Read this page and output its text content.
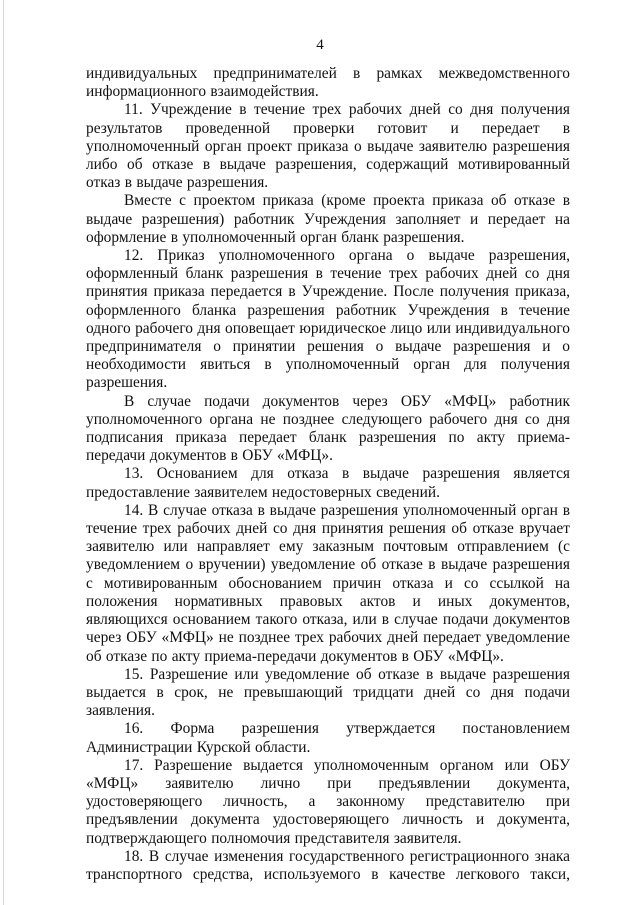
4

индивидуальных предпринимателей в рамках межведомственного информационного взаимодействия.

11. Учреждение в течение трех рабочих дней со дня получения результатов проведенной проверки готовит и передает в уполномоченный орган проект приказа о выдаче заявителю разрешения либо об отказе в выдаче разрешения, содержащий мотивированный отказ в выдаче разрешения.

Вместе с проектом приказа (кроме проекта приказа об отказе в выдаче разрешения) работник Учреждения заполняет и передает на оформление в уполномоченный орган бланк разрешения.

12. Приказ уполномоченного органа о выдаче разрешения, оформленный бланк разрешения в течение трех рабочих дней со дня принятия приказа передается в Учреждение. После получения приказа, оформленного бланка разрешения работник Учреждения в течение одного рабочего дня оповещает юридическое лицо или индивидуального предпринимателя о принятии решения о выдаче разрешения и о необходимости явиться в уполномоченный орган для получения разрешения.

В случае подачи документов через ОБУ «МФЦ» работник уполномоченного органа не позднее следующего рабочего дня со дня подписания приказа передает бланк разрешения по акту приема-передачи документов в ОБУ «МФЦ».

13. Основанием для отказа в выдаче разрешения является предоставление заявителем недостоверных сведений.

14. В случае отказа в выдаче разрешения уполномоченный орган в течение трех рабочих дней со дня принятия решения об отказе вручает заявителю или направляет ему заказным почтовым отправлением (с уведомлением о вручении) уведомление об отказе в выдаче разрешения с мотивированным обоснованием причин отказа и со ссылкой на положения нормативных правовых актов и иных документов, являющихся основанием такого отказа, или в случае подачи документов через ОБУ «МФЦ» не позднее трех рабочих дней передает уведомление об отказе по акту приема-передачи документов в ОБУ «МФЦ».

15. Разрешение или уведомление об отказе в выдаче разрешения выдается в срок, не превышающий тридцати дней со дня подачи заявления.

16. Форма разрешения утверждается постановлением Администрации Курской области.

17. Разрешение выдается уполномоченным органом или ОБУ «МФЦ» заявителю лично при предъявлении документа, удостоверяющего личность, а законному представителю при предъявлении документа удостоверяющего личность и документа, подтверждающего полномочия представителя заявителя.

18. В случае изменения государственного регистрационного знака транспортного средства, используемого в качестве легкового такси,
